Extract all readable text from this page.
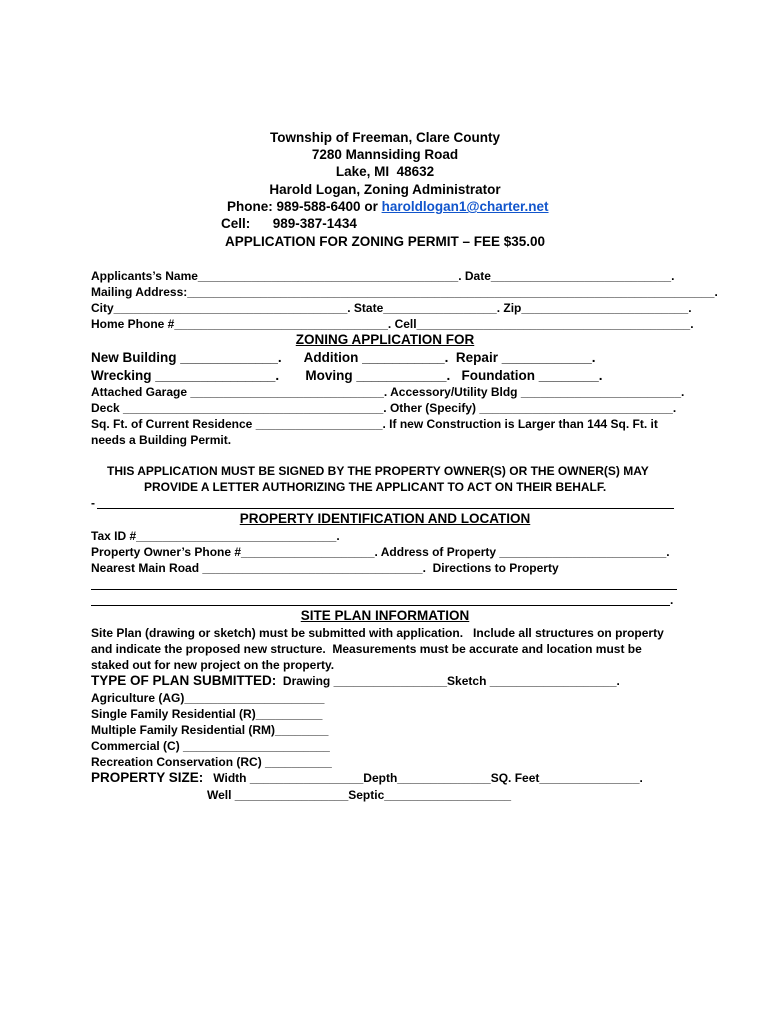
Township of Freeman, Clare County
7280 Mannsiding Road
Lake, MI  48632
Harold Logan, Zoning Administrator
Phone: 989-588-6400 or haroldlogan1@charter.net
Cell:      989-387-1434
APPLICATION FOR ZONING PERMIT – FEE $35.00
Applicants’s Name_______________________________________. Date___________________________.
Mailing Address:_______________________________________________________________________________.
City___________________________________. State_________________. Zip_________________________.
Home Phone #________________________________. Cell_________________________________________.
ZONING APPLICATION FOR
New Building _____________.      Addition ___________.  Repair ____________.
Wrecking ________________.       Moving ____________.   Foundation ________.
Attached Garage _____________________________. Accessory/Utility Bldg ________________________.
Deck _______________________________________. Other (Specify) _____________________________.
Sq. Ft. of Current Residence ___________________. If new Construction is Larger than 144 Sq. Ft. it
needs a Building Permit.
THIS APPLICATION MUST BE SIGNED BY THE PROPERTY OWNER(S) OR THE OWNER(S) MAY
PROVIDE A LETTER AUTHORIZING THE APPLICANT TO ACT ON THEIR BEHALF.
-
PROPERTY IDENTIFICATION AND LOCATION
Tax ID #______________________________.
Property Owner’s Phone #____________________. Address of Property _________________________.
Nearest Main Road _________________________________.  Directions to Property
.
SITE PLAN INFORMATION
Site Plan (drawing or sketch) must be submitted with application.   Include all structures on property
and indicate the proposed new structure.  Measurements must be accurate and location must be
staked out for new project on the property.
TYPE OF PLAN SUBMITTED:  Drawing _________________Sketch ___________________.
Agriculture (AG)_____________________
Single Family Residential (R)__________
Multiple Family Residential (RM)________
Commercial (C) ______________________
Recreation Conservation (RC) __________
PROPERTY SIZE:   Width _________________Depth______________SQ. Feet_______________.
Well _________________Septic___________________
